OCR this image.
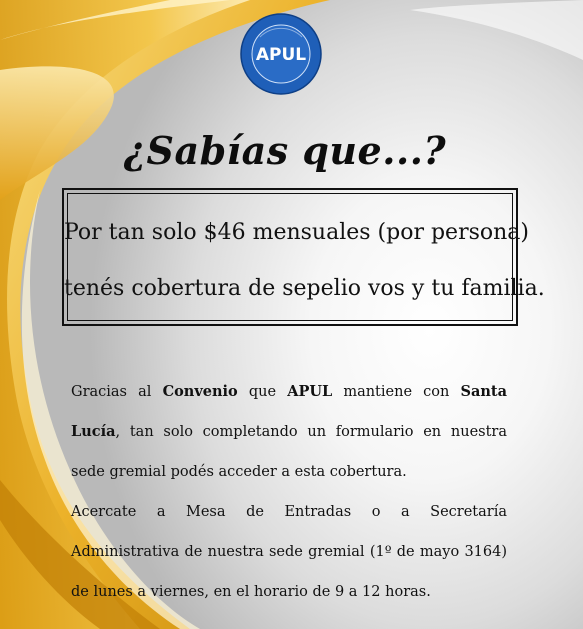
APUL
¿Sabías que...?
Por tan solo $46 mensuales (por persona)
tenés cobertura de sepelio vos y tu familia.
Gracias al Convenio que APUL mantiene con Santa Lucía, tan solo completando un formulario en nuestra sede gremial podés acceder a esta cobertura.
Acercate a Mesa de Entradas o a Secretaría Administrativa de nuestra sede gremial (1º de mayo 3164) de lunes a viernes, en el horario de 9 a 12 horas.
